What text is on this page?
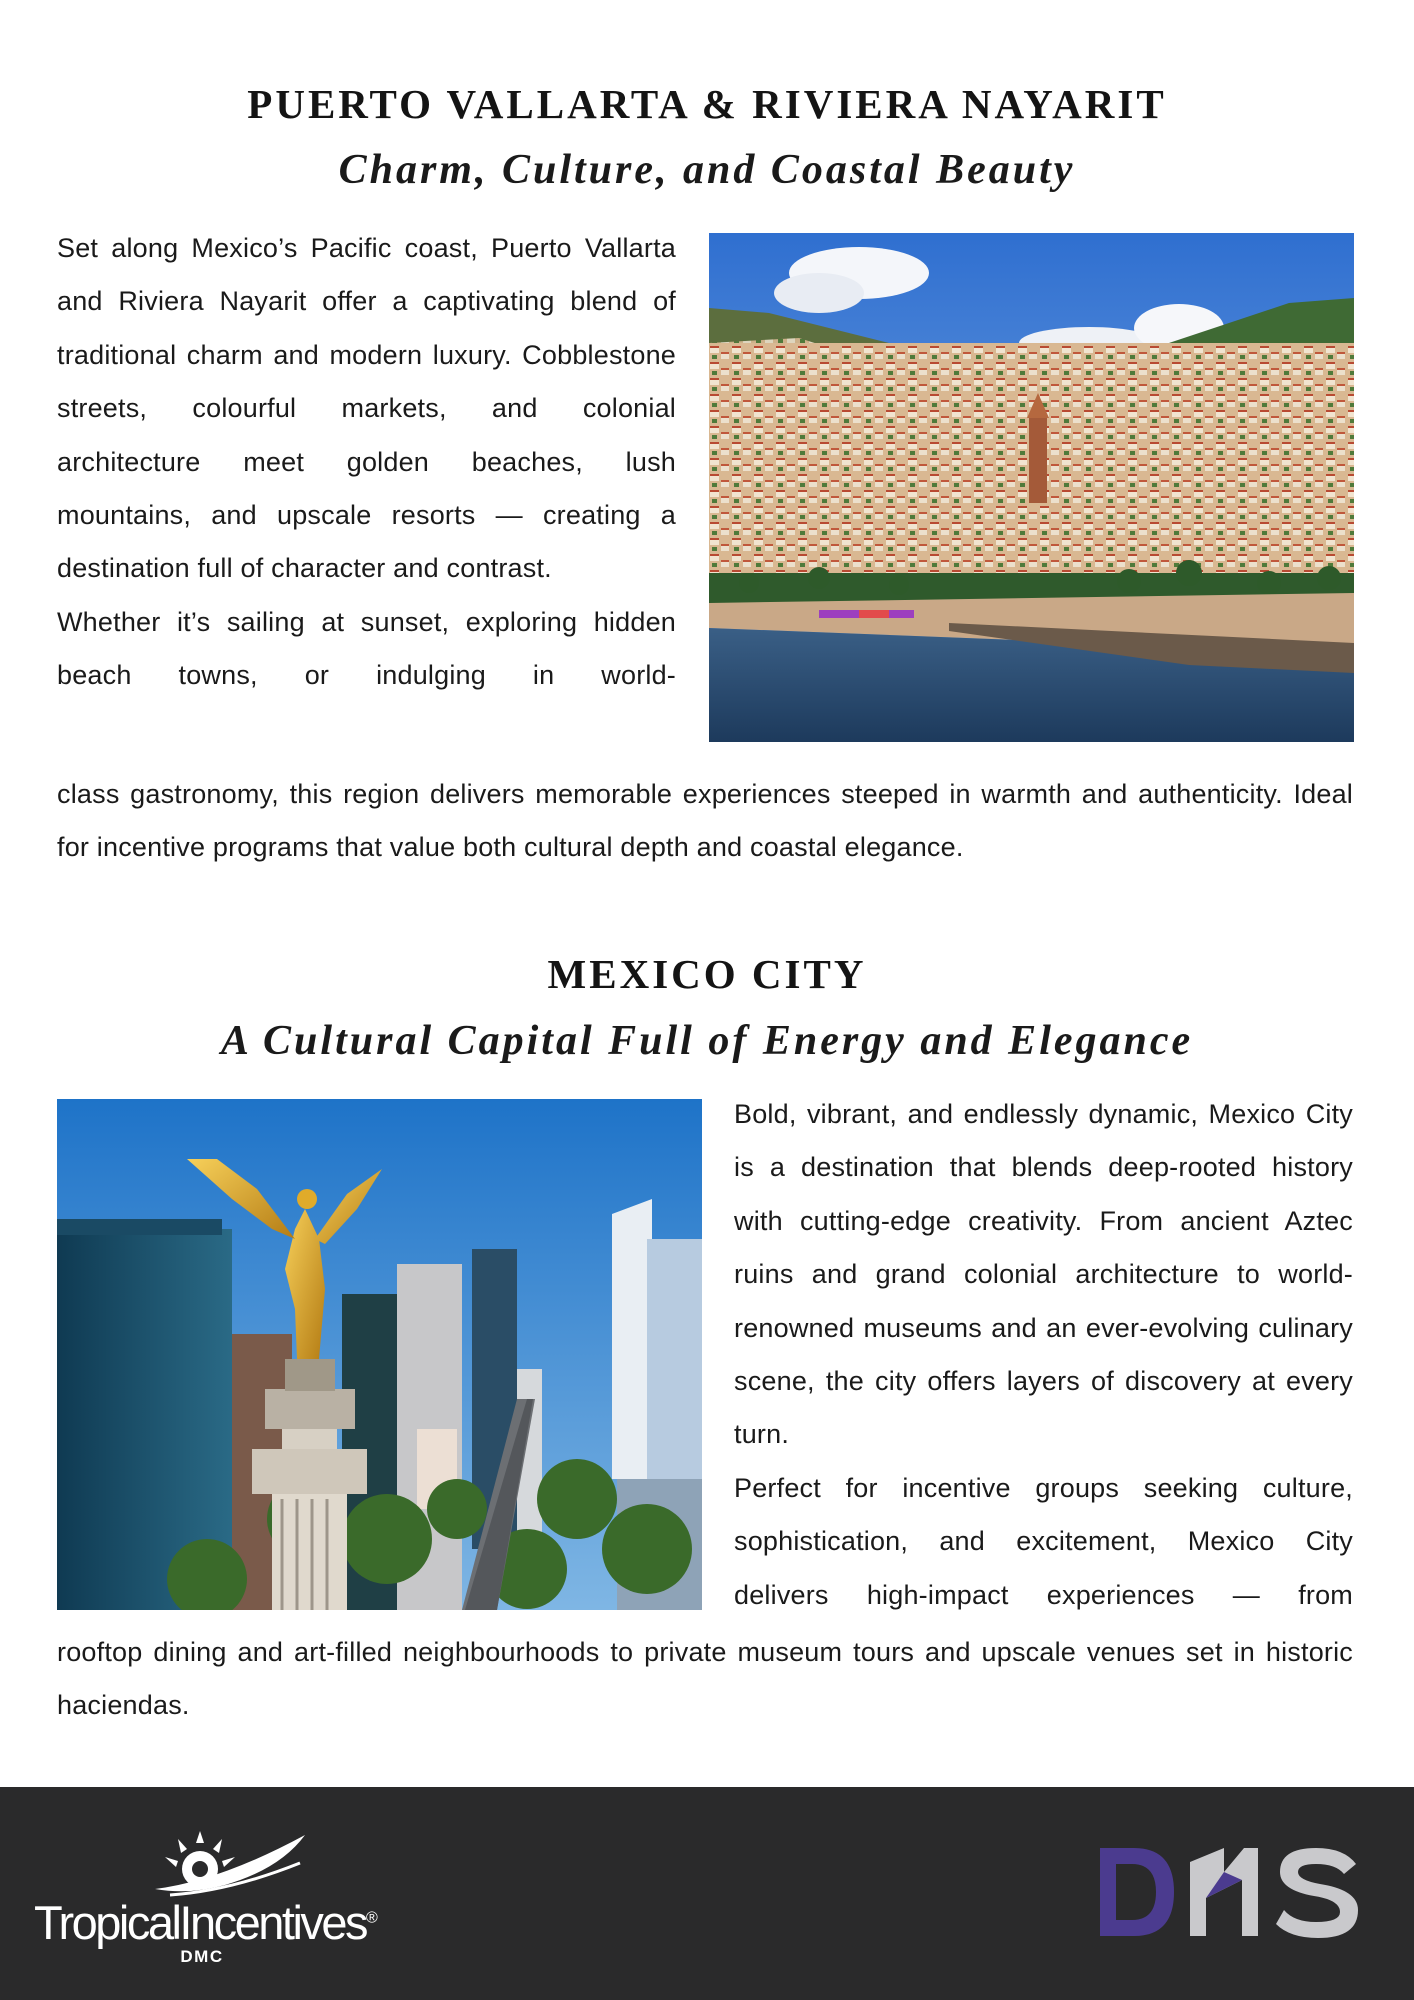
PUERTO VALLARTA & RIVIERA NAYARIT
Charm, Culture, and Coastal Beauty

Set along Mexico’s Pacific coast, Puerto Vallarta and Riviera Nayarit offer a captivating blend of traditional charm and modern luxury. Cobblestone streets, colourful markets, and colonial architecture meet golden beaches, lush mountains, and upscale resorts — creating a destination full of character and contrast.

Whether it’s sailing at sunset, exploring hidden beach towns, or indulging in world-

class gastronomy, this region delivers memorable experiences steeped in warmth and authenticity. Ideal for incentive programs that value both cultural depth and coastal elegance.

MEXICO CITY
A Cultural Capital Full of Energy and Elegance

Bold, vibrant, and endlessly dynamic, Mexico City is a destination that blends deep-rooted history with cutting-edge creativity. From ancient Aztec ruins and grand colonial architecture to world-renowned museums and an ever-evolving culinary scene, the city offers layers of discovery at every turn.

Perfect for incentive groups seeking culture, sophistication, and excitement, Mexico City delivers high-impact experiences — from

rooftop dining and art-filled neighbourhoods to private museum tours and upscale venues set in historic haciendas.

TropicalIncentives®
DMC
